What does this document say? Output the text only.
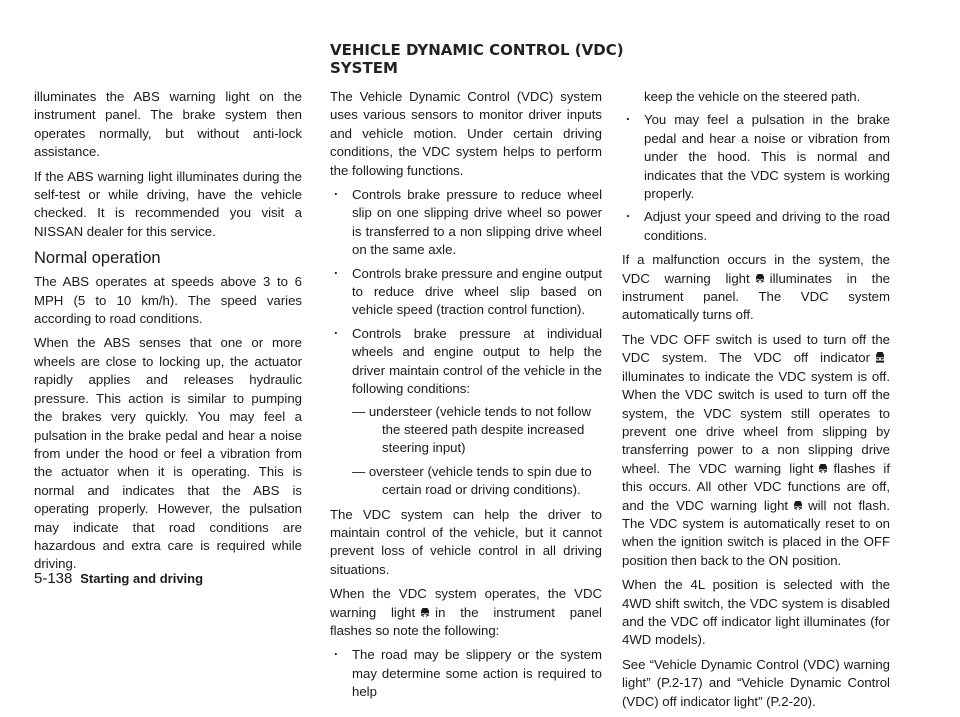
VEHICLE DYNAMIC CONTROL (VDC) SYSTEM

illuminates the ABS warning light on the instrument panel. The brake system then operates normally, but without anti-lock assistance.

If the ABS warning light illuminates during the self-test or while driving, have the vehicle checked. It is recommended you visit a NISSAN dealer for this service.

Normal operation

The ABS operates at speeds above 3 to 6 MPH (5 to 10 km/h). The speed varies according to road conditions.

When the ABS senses that one or more wheels are close to locking up, the actuator rapidly applies and releases hydraulic pressure. This action is similar to pumping the brakes very quickly. You may feel a pulsation in the brake pedal and hear a noise from under the hood or feel a vibration from the actuator when it is operating. This is normal and indicates that the ABS is operating properly. However, the pulsation may indicate that road conditions are hazardous and extra care is required while driving.

The Vehicle Dynamic Control (VDC) system uses various sensors to monitor driver inputs and vehicle motion. Under certain driving conditions, the VDC system helps to perform the following functions.

. Controls brake pressure to reduce wheel slip on one slipping drive wheel so power is transferred to a non slipping drive wheel on the same axle.
. Controls brake pressure and engine output to reduce drive wheel slip based on vehicle speed (traction control function).
. Controls brake pressure at individual wheels and engine output to help the driver maintain control of the vehicle in the following conditions:
— understeer (vehicle tends to not follow the steered path despite increased steering input)
— oversteer (vehicle tends to spin due to certain road or driving conditions).

The VDC system can help the driver to maintain control of the vehicle, but it cannot prevent loss of vehicle control in all driving situations.

When the VDC system operates, the VDC warning light in the instrument panel flashes so note the following:

. The road may be slippery or the system may determine some action is required to help
keep the vehicle on the steered path.
. You may feel a pulsation in the brake pedal and hear a noise or vibration from under the hood. This is normal and indicates that the VDC system is working properly.
. Adjust your speed and driving to the road conditions.

If a malfunction occurs in the system, the VDC warning light illuminates in the instrument panel. The VDC system automatically turns off.

The VDC OFF switch is used to turn off the VDC system. The VDC off indicator
illuminates to indicate the VDC system is off. When the VDC switch is used to turn off the system, the VDC system still operates to prevent one drive wheel from slipping by transferring power to a non slipping drive wheel. The VDC warning light flashes if this occurs. All other VDC functions are off, and the VDC warning light will not flash. The VDC system is automatically reset to on when the ignition switch is placed in the OFF position then back to the ON position.

When the 4L position is selected with the 4WD shift switch, the VDC system is disabled and the VDC off indicator light illuminates (for 4WD models).

See “Vehicle Dynamic Control (VDC) warning light” (P.2-17) and “Vehicle Dynamic Control (VDC) off indicator light” (P.2-20).

5-138 Starting and driving
